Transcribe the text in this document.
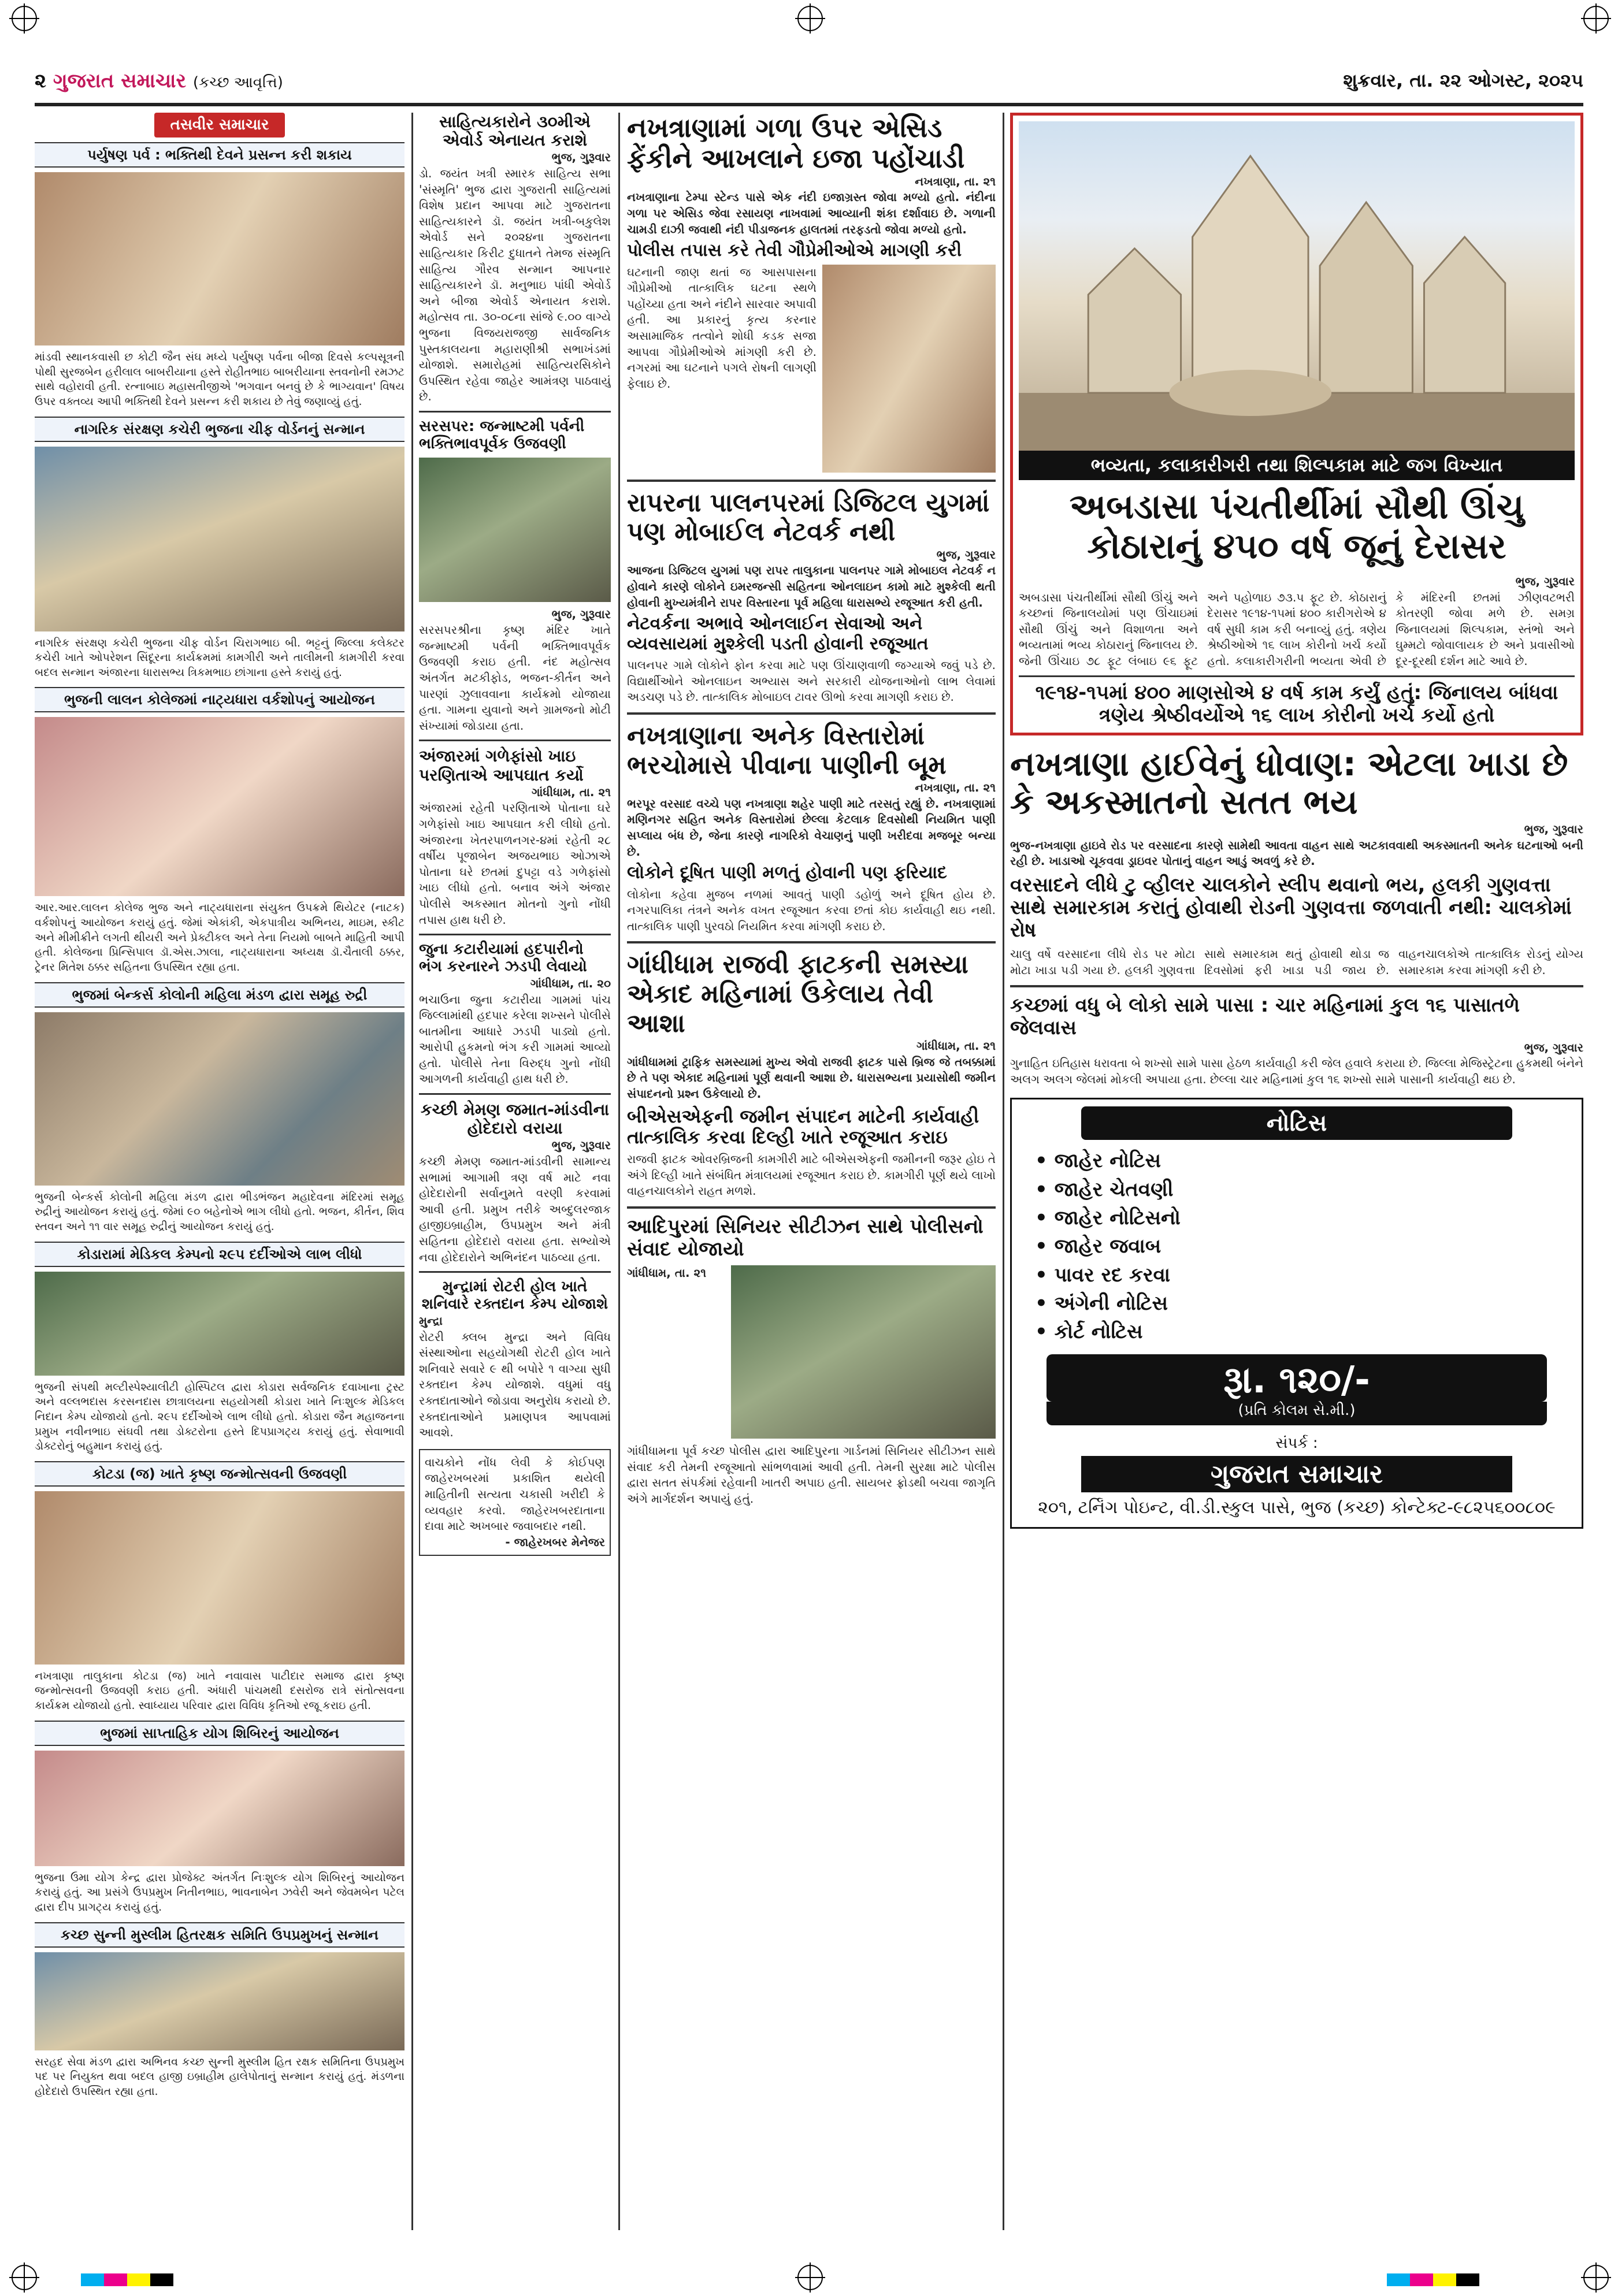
૨ ગુજરાત સમાચાર (કચ્છ આવૃત્તિ)	શુક્રવાર, તા. ૨૨ ઓગસ્ટ, ૨૦૨૫
તસવીર સમાચાર
પર્યુષણ પર્વ : ભક્તિથી દેવને પ્રસન્ન કરી શકાય
માંડવી સ્થાનકવાસી છ કોટી જૈન સંઘ મધ્યે પર્યુષણ પર્વના બીજા દિવસે કલ્પસૂત્રની પોથી સુરજબેન હરીલાલ બાબરીયાના હસ્તે રોહીતભાઇ બાબરીયાના સ્તવનોની રમઝટ સાથે વહોરાવી હતી. રત્નાબાઇ મહાસતીજીએ 'ભગવાન બનવું છે કે ભાગ્યવાન' વિષય ઉપર વક્તવ્ય આપી ભક્તિથી દેવને પ્રસન્ન કરી શકાય છે તેવું જણાવ્યું હતું.
નાગરિક સંરક્ષણ કચેરી ભુજના ચીફ વોર્ડનનું સન્માન
નાગરિક સંરક્ષણ કચેરી ભુજના ચીફ વોર્ડન ચિરાગભાઇ બી. ભટ્ટનું જિલ્લા કલેક્ટર કચેરી ખાતે ઓપરેશન સિંદૂરના કાર્યક્રમમાં કામગીરી અને તાલીમની કામગીરી કરવા બદલ સન્માન અંજારના ધારાસભ્ય ત્રિકમભાઇ છાંગાના હસ્તે કરાયું હતું.
ભુજની લાલન કોલેજમાં નાટ્યધારા વર્કશોપનું આયોજન
આર.આર.લાલન કોલેજ ભુજ અને નાટ્યધારાના સંયુક્ત ઉપક્રમે થિયેટર (નાટક) વર્કશોપનું આયોજન કરાયું હતું. જેમાં એકાંકી, એકપાત્રીય અભિનય, માઇમ, સ્કીટ અને મીમીક્રીને લગતી થીયરી અને પ્રેક્ટીકલ અને તેના નિયમો બાબતે માહિતી આપી હતી. કોલેજના પ્રિન્સિપાલ ડૉ.એસ.ઝાલા, નાટ્યધારાના અધ્યક્ષ ડૉ.ચૈતાલી ઠક્કર, ટ્રેનર મિતેશ ઠક્કર સહિતના ઉપસ્થિત રહ્યા હતા.
ભુજમાં બેન્કર્સ કોલોની મહિલા મંડળ દ્વારા સમૂહ રુદ્રી
ભુજની બેન્કર્સ કોલોની મહિલા મંડળ દ્વારા ભીડભંજન મહાદેવના મંદિરમાં સમૂહ રુદ્રીનું આયોજન કરાયું હતું. જેમાં ૯૦ બહેનોએ ભાગ લીધો હતો. ભજન, કીર્તન, શિવ સ્તવન અને ૧૧ વાર સમૂહ રુદ્રીનું આયોજન કરાયું હતું.
કોડારામાં મેડિકલ કેમ્પનો ૨૯૫ દર્દીઓએ લાભ લીધો
ભુજની સંપથી મલ્ટીસ્પેશ્યાલીટી હોસ્પિટલ દ્વારા કોડારા સર્વજનિક દવાખાના ટ્રસ્ટ અને વલ્લભદાસ કરસનદાસ છાત્રાલયના સહયોગથી કોડારા ખાતે નિઃશુલ્ક મેડિકલ નિદાન કેમ્પ યોજાયો હતો. ૨૯૫ દર્દીઓએ લાભ લીધો હતો. કોડારા જૈન મહાજનના પ્રમુખ નવીનભાઇ સંઘવી તથા ડોક્ટરોના હસ્તે દિપપ્રાગટ્ય કરાયું હતું. સેવાભાવી ડોક્ટરોનું બહુમાન કરાયું હતું.
કોટડા (જ) ખાતે કૃષ્ણ જન્મોત્સવની ઉજવણી
નખત્રાણા તાલુકાના કોટડા (જ) ખાતે નવાવાસ પાટીદાર સમાજ દ્વારા કૃષ્ણ જન્મોત્સવની ઉજવણી કરાઇ હતી. અંધારી પાંચમથી દસરોજ રાત્રે સંતોત્સવના કાર્યક્રમ યોજાયો હતો. સ્વાધ્યાય પરિવાર દ્વારા વિવિધ કૃતિઓ રજૂ કરાઇ હતી.
ભુજમાં સાપ્તાહિક યોગ શિબિરનું આયોજન
ભુજના ઉમા યોગ કેન્દ્ર દ્વારા પ્રોજેક્ટ અંતર્ગત નિઃશુલ્ક યોગ શિબિરનું આયોજન કરાયું હતું. આ પ્રસંગે ઉપપ્રમુખ નિતીનભાઇ, ભાવનાબેન ઝવેરી અને જેવમબેન પટેલ દ્વારા દીપ પ્રાગટ્ય કરાયું હતું.
કચ્છ સુન્ની મુસ્લીમ હિતરક્ષક સમિતિ ઉપપ્રમુખનું સન્માન
સરહદ સેવા મંડળ દ્વારા અભિનવ કચ્છ સુન્ની મુસ્લીમ હિત રક્ષક સમિતિના ઉપપ્રમુખ પદ પર નિયુક્ત થવા બદલ હાજી ઇબ્રાહીમ હાલેપોતાનું સન્માન કરાયું હતું. મંડળના હોદેદારો ઉપસ્થિત રહ્યા હતા.
સાહિત્યકારોને ૩૦મીએ એવોર્ડ એનાયત કરાશે
ભુજ, ગુરૂવાર
ડો. જયંત ખત્રી સ્મારક સાહિત્ય સભા 'સંસ્મૃતિ' ભુજ દ્વારા ગુજરાતી સાહિત્યમાં વિશેષ પ્રદાન આપવા માટે ગુજરાતના સાહિત્યકારને ડૉ. જયંત ખત્રી-બકુલેશ એવોર્ડ સને ૨૦૨૪ના ગુજરાતના સાહિત્યકાર કિરીટ દુધાતને તેમજ સંસ્મૃતિ સાહિત્ય ગૌરવ સન્માન આપનાર સાહિત્યકારને ડૉ. મનુભાઇ પાંધી એવોર્ડ અને બીજા એવોર્ડ એનાયત કરાશે. મહોત્સવ તા. ૩૦-૦૮ના સાંજે ૯.૦૦ વાગ્યે ભુજના વિજયરાજજી સાર્વજનિક પુસ્તકાલયના મહારાણીશ્રી સભાખંડમાં યોજાશે. સમારોહમાં સાહિત્યરસિકોને ઉપસ્થિત રહેવા જાહેર આમંત્રણ પાઠવાયું છે.
સરસપર: જન્માષ્ટમી પર્વની ભક્તિભાવપૂર્વક ઉજવણી
ભુજ, ગુરૂવાર
સરસપરશ્રીના કૃષ્ણ મંદિર ખાતે જન્માષ્ટમી પર્વની ભક્તિભાવપૂર્વક ઉજવણી કરાઇ હતી. નંદ મહોત્સવ અંતર્ગત મટકીફોડ, ભજન-કીર્તન અને પારણાં ઝુલાવવાના કાર્યક્રમો યોજાયા હતા. ગામના યુવાનો અને ગ્રામજનો મોટી સંખ્યામાં જોડાયા હતા.
અંજારમાં ગળેફાંસો ખાઇ પરણિતાએ આપઘાત કર્યો
ગાંધીધામ, તા. ૨૧
અંજારમાં રહેતી પરણિતાએ પોતાના ઘરે ગળેફાંસો ખાઇ આપઘાત કરી લીધો હતો. અંજારના ખેતરપાળનગર-૪માં રહેતી ૨૮ વર્ષીય પૂજાબેન અજયભાઇ ઓઝાએ પોતાના ઘરે છતમાં દુપટ્ટા વડે ગળેફાંસો ખાઇ લીધો હતો. બનાવ અંગે અંજાર પોલીસે અકસ્માત મોતનો ગુનો નોંધી તપાસ હાથ ધરી છે.
જુના કટારીયામાં હદપારીનો ભંગ કરનારને ઝડપી લેવાયો
ગાંધીધામ, તા. ૨૦
ભચાઉના જુના કટારીયા ગામમાં પાંચ જિલ્લામાંથી હદપાર કરેલા શખ્સને પોલીસે બાતમીના આધારે ઝડપી પાડ્યો હતો. આરોપી હુકમનો ભંગ કરી ગામમાં આવ્યો હતો. પોલીસે તેના વિરુદ્ધ ગુનો નોંધી આગળની કાર્યવાહી હાથ ધરી છે.
કચ્છી મેમણ જમાત-માંડવીના હોદેદારો વરાયા
ભુજ, ગુરૂવાર
કચ્છી મેમણ જમાત-માંડવીની સામાન્ય સભામાં આગામી ત્રણ વર્ષ માટે નવા હોદેદારોની સર્વાનુમતે વરણી કરવામાં આવી હતી. પ્રમુખ તરીકે અબ્દુલરજાક હાજીઇબ્રાહીમ, ઉપપ્રમુખ અને મંત્રી સહિતના હોદેદારો વરાયા હતા. સભ્યોએ નવા હોદેદારોને અભિનંદન પાઠવ્યા હતા.
મુન્દ્રામાં રોટરી હોલ ખાતે શનિવારે રક્તદાન કેમ્પ યોજાશે
મુન્દ્રા
રોટરી ક્લબ મુન્દ્રા અને વિવિધ સંસ્થાઓના સહયોગથી રોટરી હોલ ખાતે શનિવારે સવારે ૯ થી બપોરે ૧ વાગ્યા સુધી રક્તદાન કેમ્પ યોજાશે. વધુમાં વધુ રક્તદાતાઓને જોડાવા અનુરોધ કરાયો છે. રક્તદાતાઓને પ્રમાણપત્ર આપવામાં આવશે.
વાચકોને નોંધ લેવી કે કોઈપણ જાહેરખબરમાં પ્રકાશિત થયેલી માહિતીની સત્યતા ચકાસી ખરીદી કે વ્યવહાર કરવો. જાહેરખબરદાતાના દાવા માટે અખબાર જવાબદાર નથી.
- જાહેરખબર મેનેજર
નખત્રાણામાં ગળા ઉપર એસિડ ફેંકીને આખલાને ઇજા પહોંચાડી
નખત્રાણા, તા. ૨૧
નખત્રાણાના ટેમ્પા સ્ટેન્ડ પાસે એક નંદી ઇજાગ્રસ્ત જોવા મળ્યો હતો. નંદીના ગળા પર એસિડ જેવા રસાયણ નાખવામાં આવ્યાની શંકા દર્શાવાઇ છે. ગળાની ચામડી દાઝી જવાથી નંદી પીડાજનક હાલતમાં તરફડતો જોવા મળ્યો હતો.
પોલીસ તપાસ કરે તેવી ગૌપ્રેમીઓએ માગણી કરી
ઘટનાની જાણ થતાં જ આસપાસના ગૌપ્રેમીઓ તાત્કાલિક ઘટના સ્થળે પહોંચ્યા હતા અને નંદીને સારવાર અપાવી હતી. આ પ્રકારનું કૃત્ય કરનાર અસામાજિક તત્વોને શોધી કડક સજા આપવા ગૌપ્રેમીઓએ માંગણી કરી છે. નગરમાં આ ઘટનાને પગલે રોષની લાગણી ફેલાઇ છે.
રાપરના પાલનપરમાં ડિજિટલ યુગમાં પણ મોબાઈલ નેટવર્ક નથી
ભુજ, ગુરૂવાર
આજના ડિજિટલ યુગમાં પણ રાપર તાલુકાના પાલનપર ગામે મોબાઇલ નેટવર્ક ન હોવાને કારણે લોકોને ઇમરજન્સી સહિતના ઓનલાઇન કામો માટે મુશ્કેલી થતી હોવાની મુખ્યમંત્રીને રાપર વિસ્તારના પૂર્વ મહિલા ધારાસભ્યે રજૂઆત કરી હતી.
નેટવર્કના અભાવે ઓનલાઈન સેવાઓ અને વ્યવસાયમાં મુશ્કેલી પડતી હોવાની રજૂઆત
પાલનપર ગામે લોકોને ફોન કરવા માટે પણ ઊંચાણવાળી જગ્યાએ જવું પડે છે. વિદ્યાર્થીઓને ઓનલાઇન અભ્યાસ અને સરકારી યોજનાઓનો લાભ લેવામાં અડચણ પડે છે. તાત્કાલિક મોબાઇલ ટાવર ઊભો કરવા માગણી કરાઇ છે.
નખત્રાણાના અનેક વિસ્તારોમાં ભરચોમાસે પીવાના પાણીની બૂમ
નખત્રાણા, તા. ૨૧
ભરપૂર વરસાદ વચ્ચે પણ નખત્રાણા શહેર પાણી માટે તરસતું રહ્યું છે. નખત્રાણામાં મણિનગર સહિત અનેક વિસ્તારોમાં છેલ્લા કેટલાક દિવસોથી નિયમિત પાણી સપ્લાય બંધ છે, જેના કારણે નાગરિકો વેચાણનું પાણી ખરીદવા મજબૂર બન્યા છે.
લોકોને દૂષિત પાણી મળતું હોવાની પણ ફરિયાદ
લોકોના કહેવા મુજબ નળમાં આવતું પાણી ડહોળું અને દૂષિત હોય છે. નગરપાલિકા તંત્રને અનેક વખત રજૂઆત કરવા છતાં કોઇ કાર્યવાહી થઇ નથી. તાત્કાલિક પાણી પુરવઠો નિયમિત કરવા માંગણી કરાઇ છે.
ગાંધીધામ રાજવી ફાટકની સમસ્યા એકાદ મહિનામાં ઉકેલાય તેવી આશા
ગાંધીધામ, તા. ૨૧
ગાંધીધામમાં ટ્રાફિક સમસ્યામાં મુખ્ય એવો રાજવી ફાટક પાસે બ્રિજ જે તબક્કામાં છે તે પણ એકાદ મહિનામાં પૂર્ણ થવાની આશા છે. ધારાસભ્યના પ્રયાસોથી જમીન સંપાદનનો પ્રશ્ન ઉકેલાયો છે.
બીએસએફની જમીન સંપાદન માટેની કાર્યવાહી તાત્કાલિક કરવા દિલ્હી ખાતે રજૂઆત કરાઇ
રાજવી ફાટક ઓવરબ્રિજની કામગીરી માટે બીએસએફની જમીનની જરૂર હોઇ તે અંગે દિલ્હી ખાતે સંબંધિત મંત્રાલયમાં રજૂઆત કરાઇ છે. કામગીરી પૂર્ણ થયે લાખો વાહનચાલકોને રાહત મળશે.
આદિપુરમાં સિનિયર સીટીઝન સાથે પોલીસનો સંવાદ યોજાયો
ગાંધીધામ, તા. ૨૧
ગાંધીધામના પૂર્વ કચ્છ પોલીસ દ્વારા આદિપુરના ગાર્ડનમાં સિનિયર સીટીઝન સાથે સંવાદ કરી તેમની રજૂઆતો સાંભળવામાં આવી હતી. તેમની સુરક્ષા માટે પોલીસ દ્વારા સતત સંપર્કમાં રહેવાની ખાતરી અપાઇ હતી. સાયબર ફ્રોડથી બચવા જાગૃતિ અંગે માર્ગદર્શન અપાયું હતું.
ભવ્યતા, કલાકારીગરી તથા શિલ્પકામ માટે જગ વિખ્યાત
અબડાસા પંચતીર્થીમાં સૌથી ઊંચુ કોઠારાનું ૪૫૦ વર્ષ જૂનું દેરાસર
ભુજ, ગુરૂવાર
અબડાસા પંચતીર્થીમાં સૌથી ઊંચું અને કચ્છનાં જિનાલયોમાં પણ ઊંચાઇમાં સૌથી ઊંચું અને વિશાળતા અને ભવ્યતામાં ભવ્ય કોઠારાનું જિનાલય છે. જેની ઊંચાઇ ૭૮ ફૂટ લંબાઇ ૯૬ ફૂટ અને પહોળાઇ ૭૩.૫ ફૂટ છે. કોઠારાનું દેરાસર ૧૯૧૪-૧૫માં ૪૦૦ કારીગરોએ ૪ વર્ષ સુધી કામ કરી બનાવ્યું હતું. ત્રણેય શ્રેષ્ઠીઓએ ૧૬ લાખ કોરીનો ખર્ચ કર્યો હતો. કલાકારીગરીની ભવ્યતા એવી છે કે મંદિરની છતમાં ઝીણવટભરી કોતરણી જોવા મળે છે. સમગ્ર જિનાલયમાં શિલ્પકામ, સ્તંભો અને ઘુમ્મટો જોવાલાયક છે અને પ્રવાસીઓ દૂર-દૂરથી દર્શન માટે આવે છે.
૧૯૧૪-૧૫માં ૪૦૦ માણસોએ ૪ વર્ષ કામ કર્યું હતું: જિનાલય બાંધવા ત્રણેય શ્રેષ્ઠીવર્યોએ ૧૬ લાખ કોરીનો ખર્ચ કર્યો હતો
નખત્રાણા હાઈવેનું ધોવાણ: એટલા ખાડા છે કે અકસ્માતનો સતત ભય
ભુજ, ગુરૂવાર
ભુજ-નખત્રાણા હાઇવે રોડ પર વરસાદના કારણે સામેથી આવતા વાહન સાથે અટકાવવાથી અકસ્માતની અનેક ઘટનાઓ બની રહી છે. ખાડાઓ ચૂકવવા ડ્રાઇવર પોતાનું વાહન આડું અવળું કરે છે.
વરસાદને લીધે ટુ વ્હીલર ચાલકોને સ્લીપ થવાનો ભય, હલકી ગુણવત્તા સાથે સમારકામ કરાતું હોવાથી રોડની ગુણવત્તા જળવાતી નથી: ચાલકોમાં રોષ
ચાલુ વર્ષે વરસાદના લીધે રોડ પર મોટા મોટા ખાડા પડી ગયા છે. હલકી ગુણવત્તા સાથે સમારકામ થતું હોવાથી થોડા જ દિવસોમાં ફરી ખાડા પડી જાય છે. વાહનચાલકોએ તાત્કાલિક રોડનું યોગ્ય સમારકામ કરવા માંગણી કરી છે.
કચ્છમાં વધુ બે લોકો સામે પાસા : ચાર મહિનામાં કુલ ૧૬ પાસાતળે જેલવાસ
ભુજ, ગુરૂવાર
ગુનાહિત ઇતિહાસ ધરાવતા બે શખ્સો સામે પાસા હેઠળ કાર્યવાહી કરી જેલ હવાલે કરાયા છે. જિલ્લા મેજિસ્ટ્રેટના હુકમથી બંનેને અલગ અલગ જેલમાં મોકલી અપાયા હતા. છેલ્લા ચાર મહિનામાં કુલ ૧૬ શખ્સો સામે પાસાની કાર્યવાહી થઇ છે.
નોટિસ
• જાહેર નોટિસ
• જાહેર ચેતવણી
• જાહેર નોટિસનો
• જાહેર જવાબ
• પાવર રદ કરવા
• અંગેની નોટિસ
• કોર્ટ નોટિસ
રૂા. ૧૨૦/-
(પ્રતિ કોલમ સે.મી.)
સંપર્ક :
ગુજરાત સમાચાર
૨૦૧, ટર્નિંગ પોઇન્ટ, વી.ડી.સ્કુલ પાસે, ભુજ (કચ્છ) કોન્ટેક્ટ-૯૮૨૫૬૦૦૮૦૯
